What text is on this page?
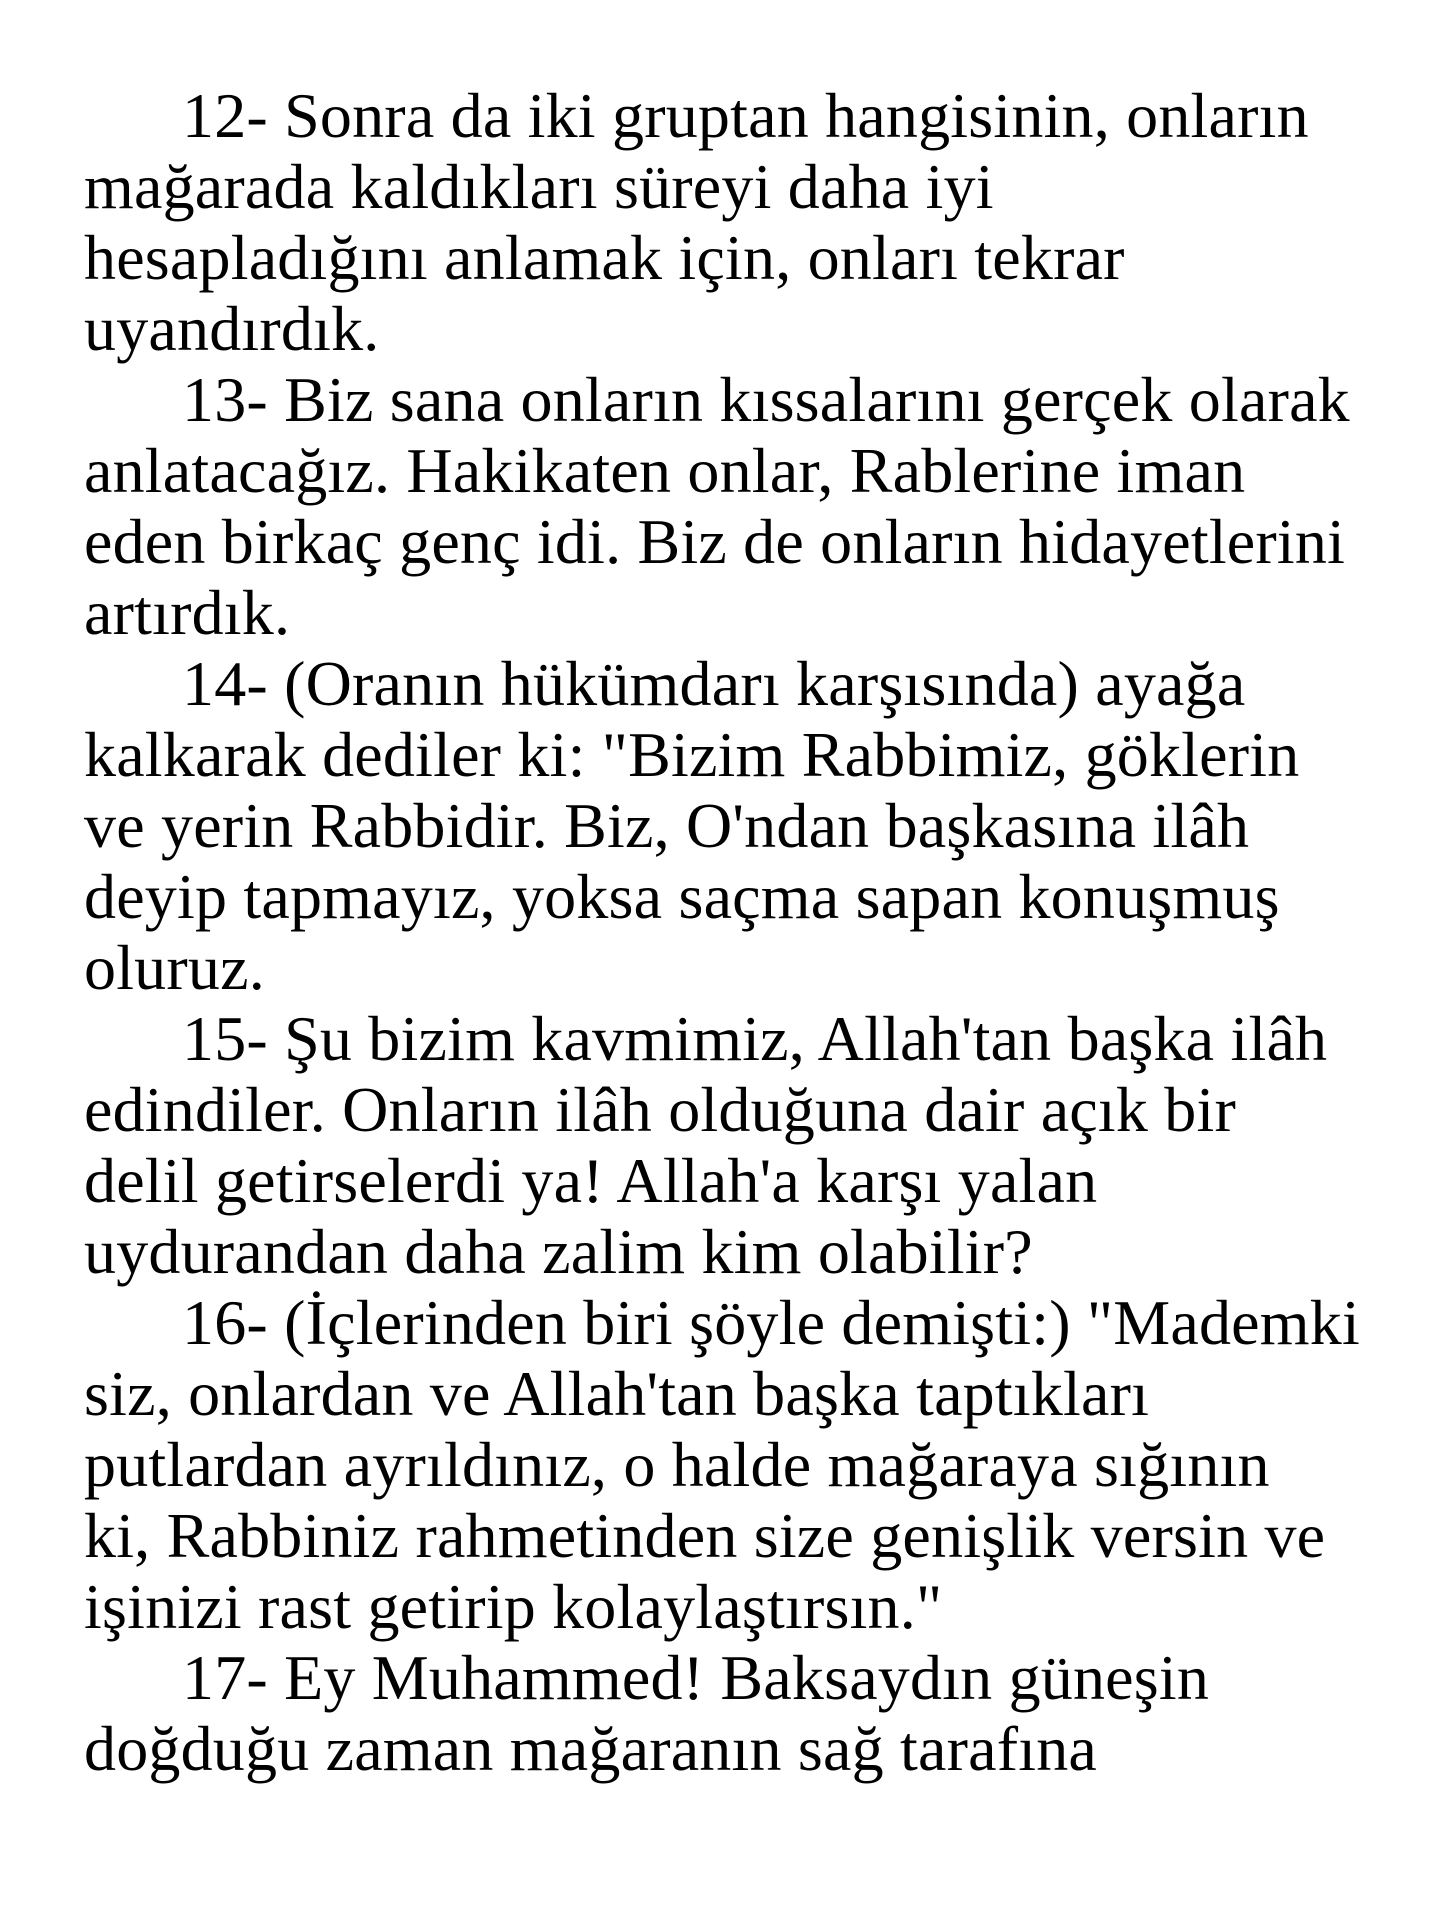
12- Sonra da iki gruptan hangisinin, onların
mağarada kaldıkları süreyi daha iyi
hesapladığını anlamak için, onları tekrar
uyandırdık.

13- Biz sana onların kıssalarını gerçek olarak
anlatacağız. Hakikaten onlar, Rablerine iman
eden birkaç genç idi. Biz de onların hidayetlerini
artırdık.

14- (Oranın hükümdarı karşısında) ayağa
kalkarak dediler ki: "Bizim Rabbimiz, göklerin
ve yerin Rabbidir. Biz, O'ndan başkasına ilâh
deyip tapmayız, yoksa saçma sapan konuşmuş
oluruz.

15- Şu bizim kavmimiz, Allah'tan başka ilâh
edindiler. Onların ilâh olduğuna dair açık bir
delil getirselerdi ya! Allah'a karşı yalan
uydurandan daha zalim kim olabilir?

16- (İçlerinden biri şöyle demişti:) "Mademki
siz, onlardan ve Allah'tan başka taptıkları
putlardan ayrıldınız, o halde mağaraya sığının
ki, Rabbiniz rahmetinden size genişlik versin ve
işinizi rast getirip kolaylaştırsın."

17- Ey Muhammed! Baksaydın güneşin
doğduğu zaman mağaranın sağ tarafına
